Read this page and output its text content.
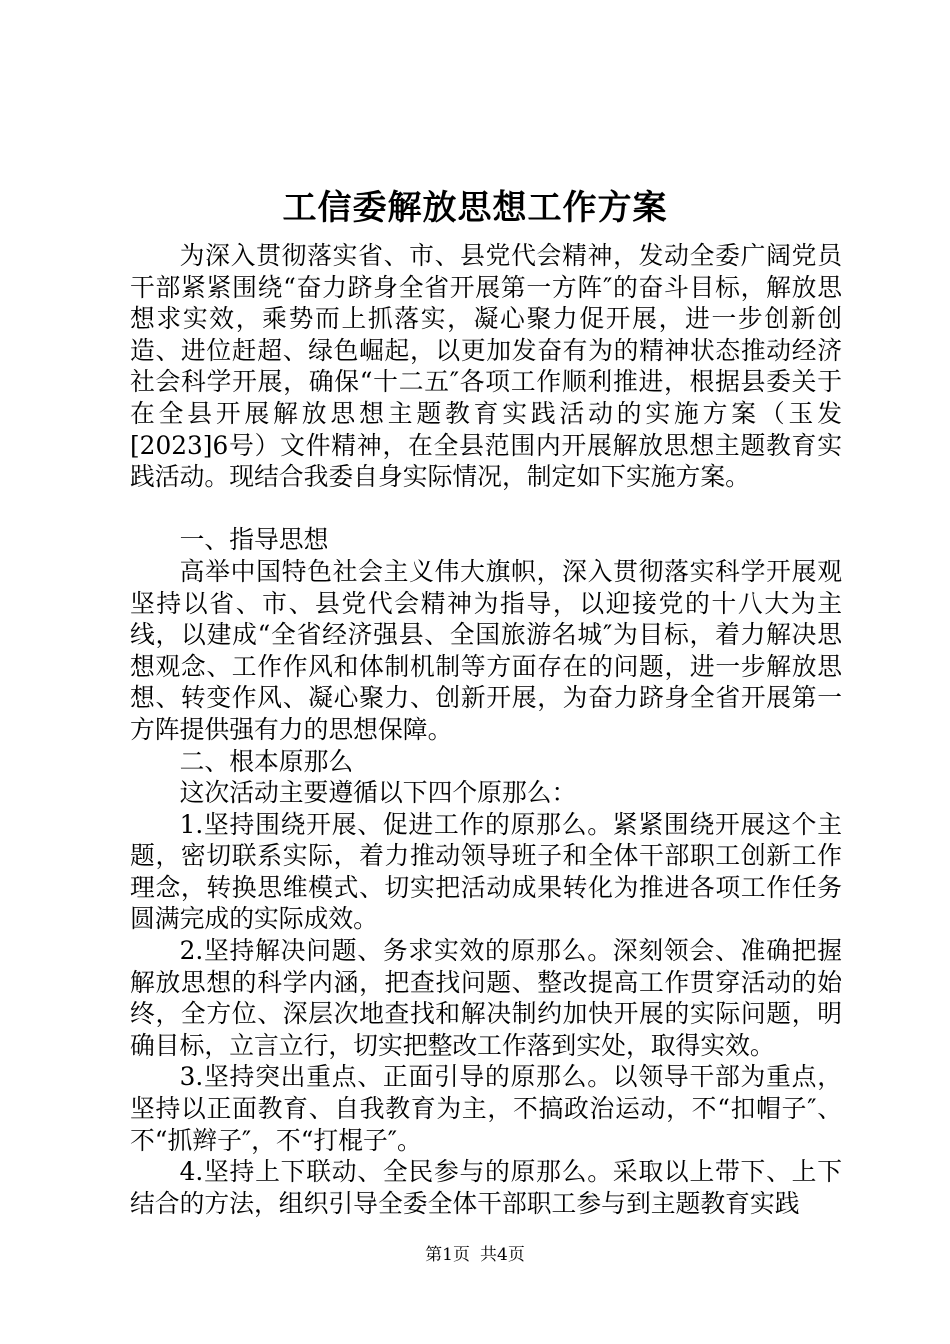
工信委解放思想工作方案

为深入贯彻落实省、市、县党代会精神，发动全委广阔党员干部紧紧围绕“奋力跻身全省开展第一方阵″的奋斗目标，解放思想求实效，乘势而上抓落实，凝心聚力促开展，进一步创新创造、进位赶超、绿色崛起，以更加发奋有为的精神状态推动经济社会科学开展，确保“十二五″各项工作顺利推进，根据县委关于在全县开展解放思想主题教育实践活动的实施方案（玉发[2023]6号）文件精神，在全县范围内开展解放思想主题教育实践活动。现结合我委自身实际情况，制定如下实施方案。

一、指导思想

高举中国特色社会主义伟大旗帜，深入贯彻落实科学开展观坚持以省、市、县党代会精神为指导，以迎接党的十八大为主线，以建成“全省经济强县、全国旅游名城″为目标，着力解决思想观念、工作作风和体制机制等方面存在的问题，进一步解放思想、转变作风、凝心聚力、创新开展，为奋力跻身全省开展第一方阵提供强有力的思想保障。

二、根本原那么

这次活动主要遵循以下四个原那么：

1.坚持围绕开展、促进工作的原那么。紧紧围绕开展这个主题，密切联系实际，着力推动领导班子和全体干部职工创新工作理念，转换思维模式、切实把活动成果转化为推进各项工作任务圆满完成的实际成效。

2.坚持解决问题、务求实效的原那么。深刻领会、准确把握解放思想的科学内涵，把查找问题、整改提高工作贯穿活动的始终，全方位、深层次地查找和解决制约加快开展的实际问题，明确目标，立言立行，切实把整改工作落到实处，取得实效。

3.坚持突出重点、正面引导的原那么。以领导干部为重点，坚持以正面教育、自我教育为主，不搞政治运动，不“扣帽子″、不“抓辫子″，不“打棍子″。

4.坚持上下联动、全民参与的原那么。采取以上带下、上下结合的方法，组织引导全委全体干部职工参与到主题教育实践

第1页 共4页
